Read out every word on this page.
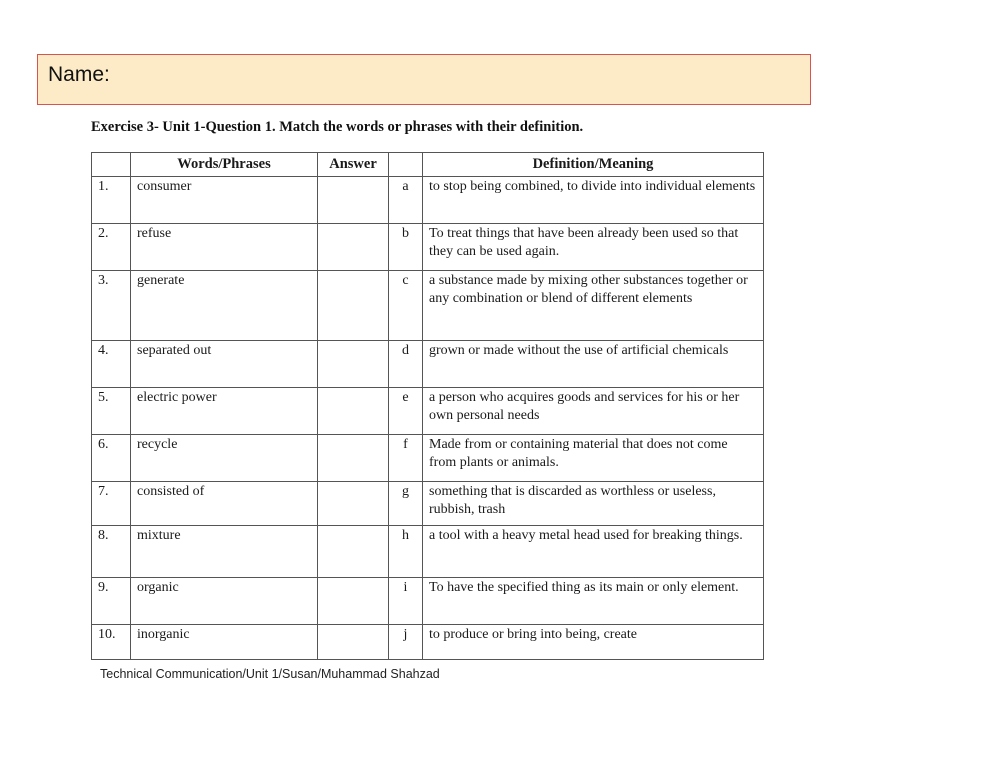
Name:
Exercise 3- Unit 1-Question 1. Match the words or phrases with their definition.
	Words/Phrases	Answer		Definition/Meaning

1.	consumer		a	to stop being combined, to divide into individual elements

2.	refuse		b	To treat things that have been already been used so that they can be used again.

3.	generate		c	a substance made by mixing other substances together or any combination or blend of different elements

4.	separated out		d	grown or made without the use of artificial chemicals

5.	electric power		e	a person who acquires goods and services for his or her own personal needs

6.	recycle		f	Made from or containing material that does not come from plants or animals.

7.	consisted of		g	something that is discarded as worthless or useless, rubbish, trash

8.	mixture		h	a tool with a heavy metal head used for breaking things.

9.	organic		i	To have the specified thing as its main or only element.

10.	inorganic		j	to produce or bring into being, create
Technical Communication/Unit 1/Susan/Muhammad Shahzad
